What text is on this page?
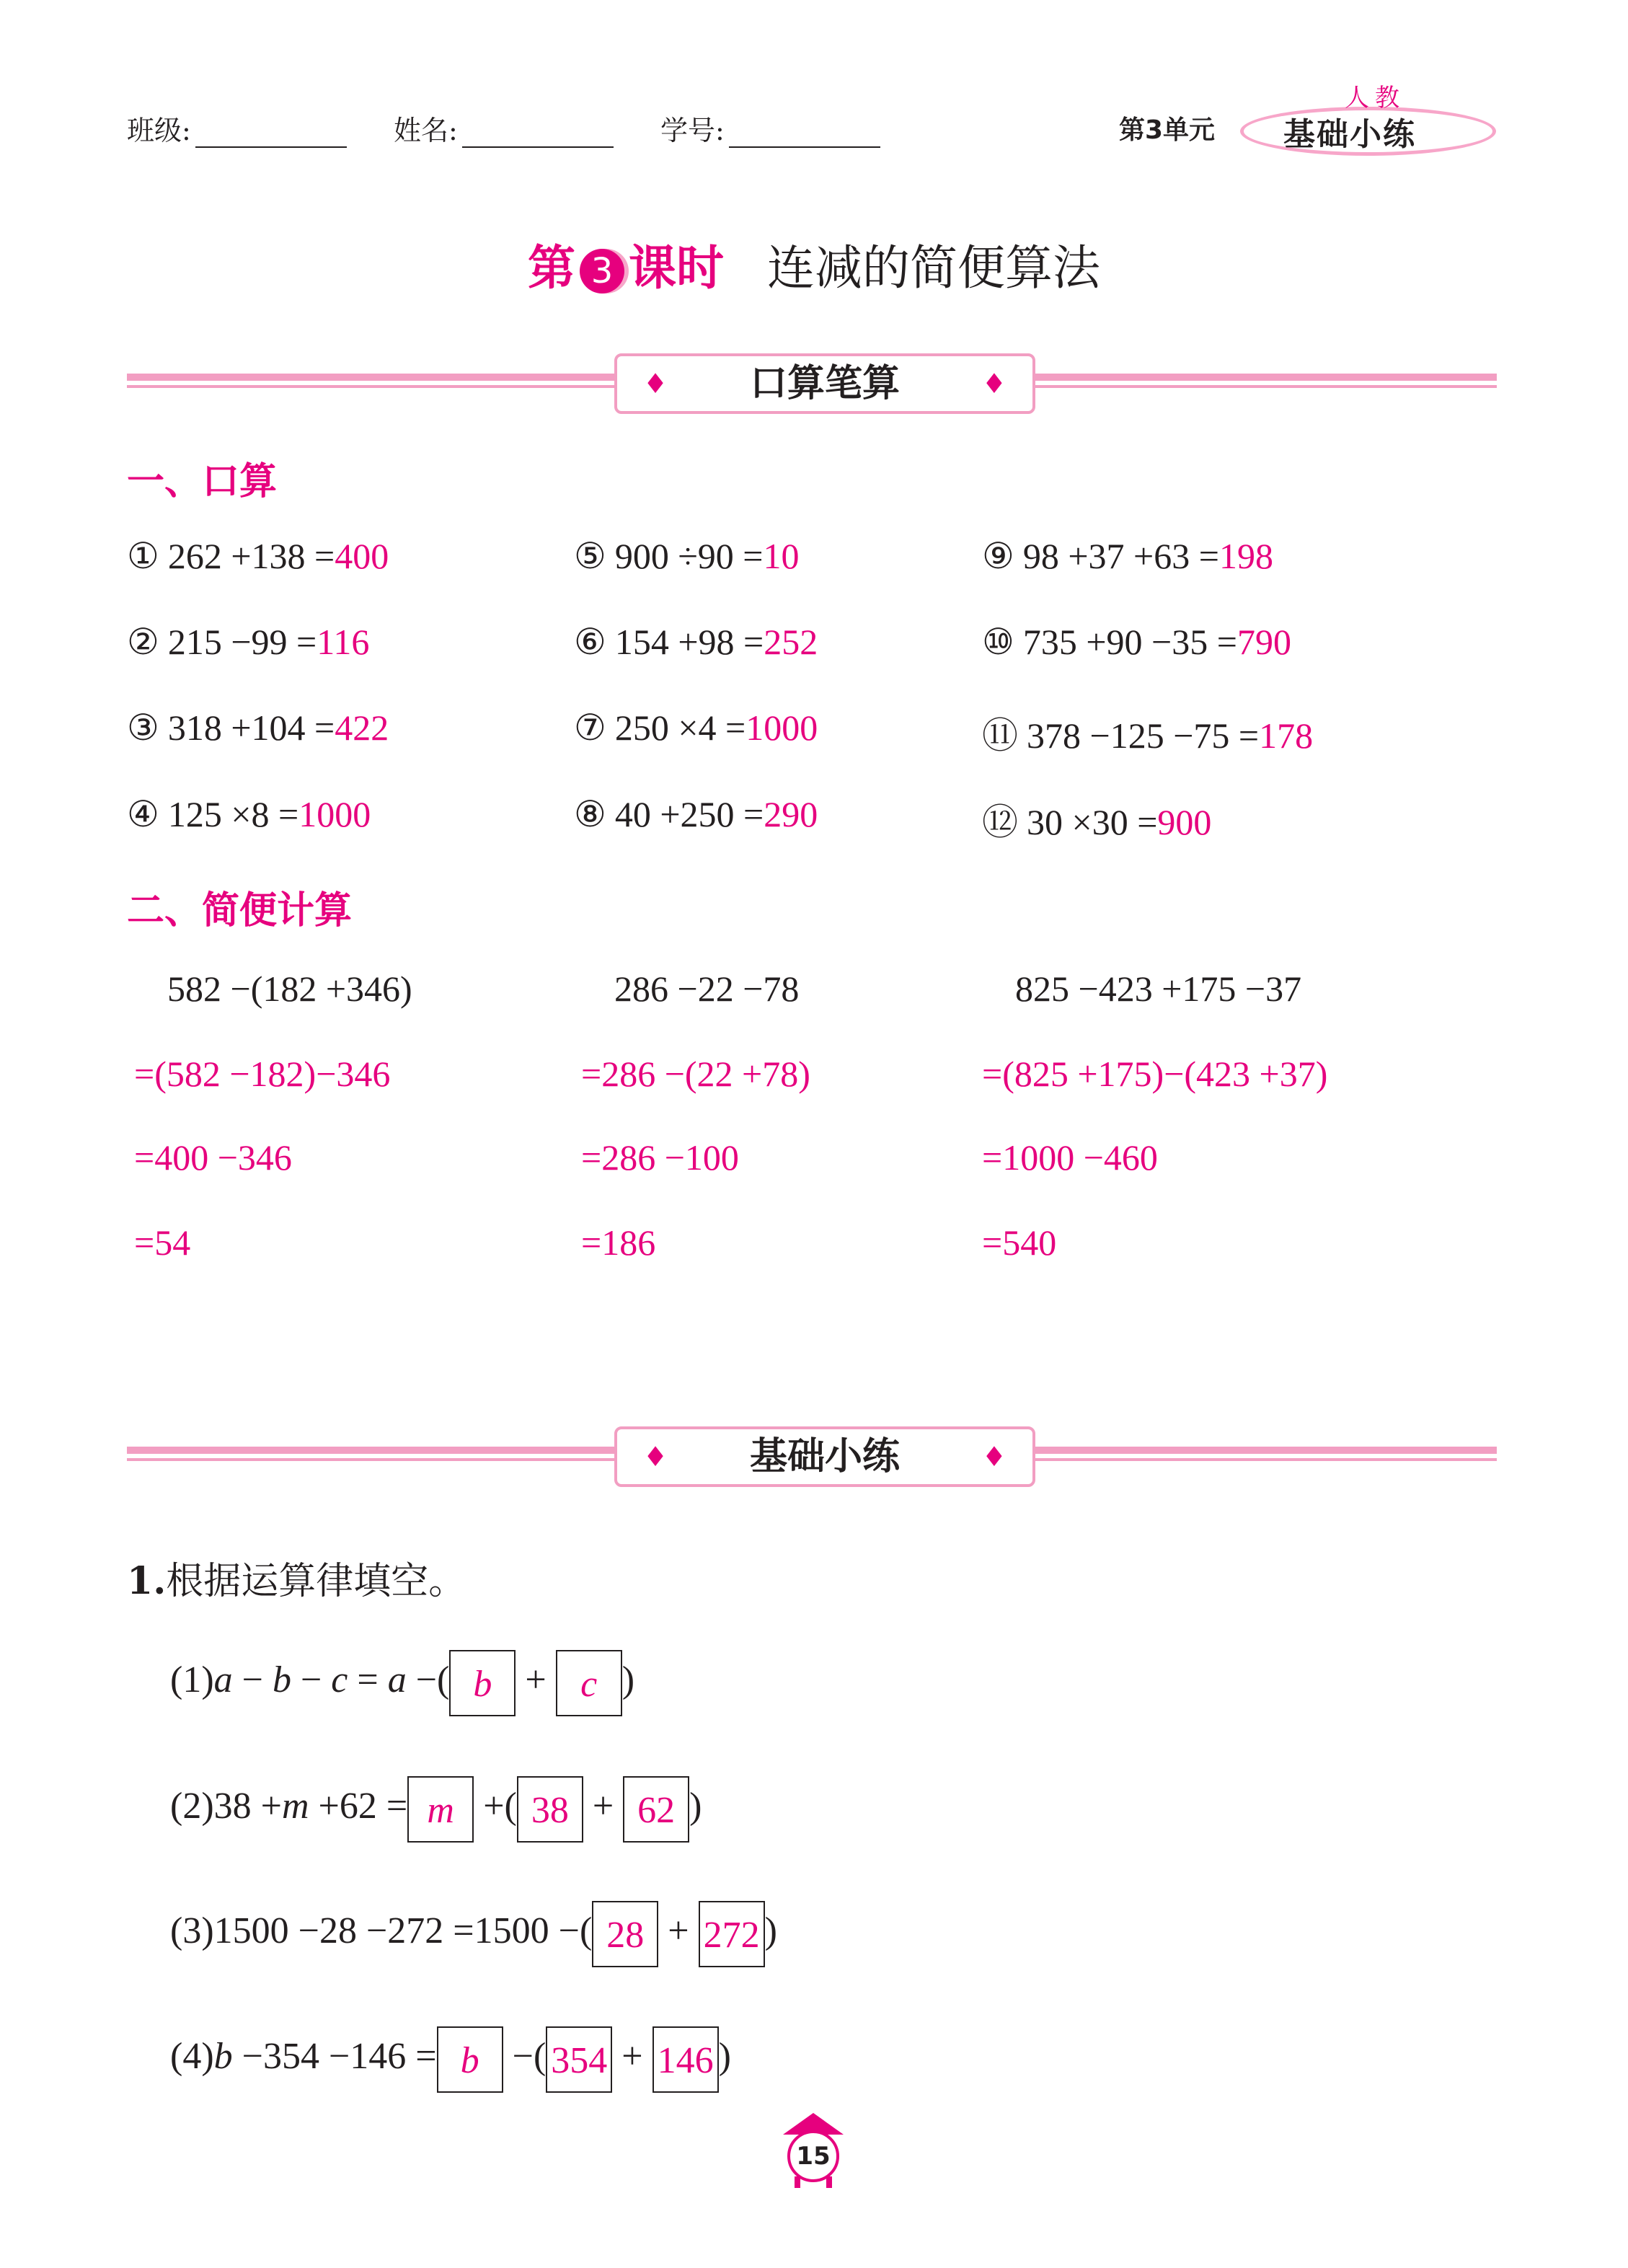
班级:	姓名:	学号:	第3单元
人教
基础小练
第 3 课时 连减的简便算法
♦ 口算笔算	♦
一、口算
① 262 +138 =400	⑤ 900 ÷90 =10	⑨ 98 +37 +63 =198
② 215 −99 =116	⑥ 154 +98 =252	⑩ 735 +90 −35 =790
③ 318 +104 =422	⑦ 250 ×4 =1000	⑪ 378 −125 −75 =178
④ 125 ×8 =1000	⑧ 40 +250 =290	⑫ 30 ×30 =900
二、简便计算
582 −(182 +346)
=(582 −182)−346
=400 −346
=54
286 −22 −78
=286 −(22 +78)
=286 −100
=186
825 −423 +175 −37
=(825 +175)−(423 +37)
=1000 −460
=540
♦ 基础小练	♦
1.根据运算律填空。
(1)a − b − c = a −( b + c )
(2)38 +m +62 = m +( 38 + 62 )
(3)1500 −28 −272 =1500 −( 28 + 272 )
(4)b −354 −146 = b −( 354 + 146 )
15
